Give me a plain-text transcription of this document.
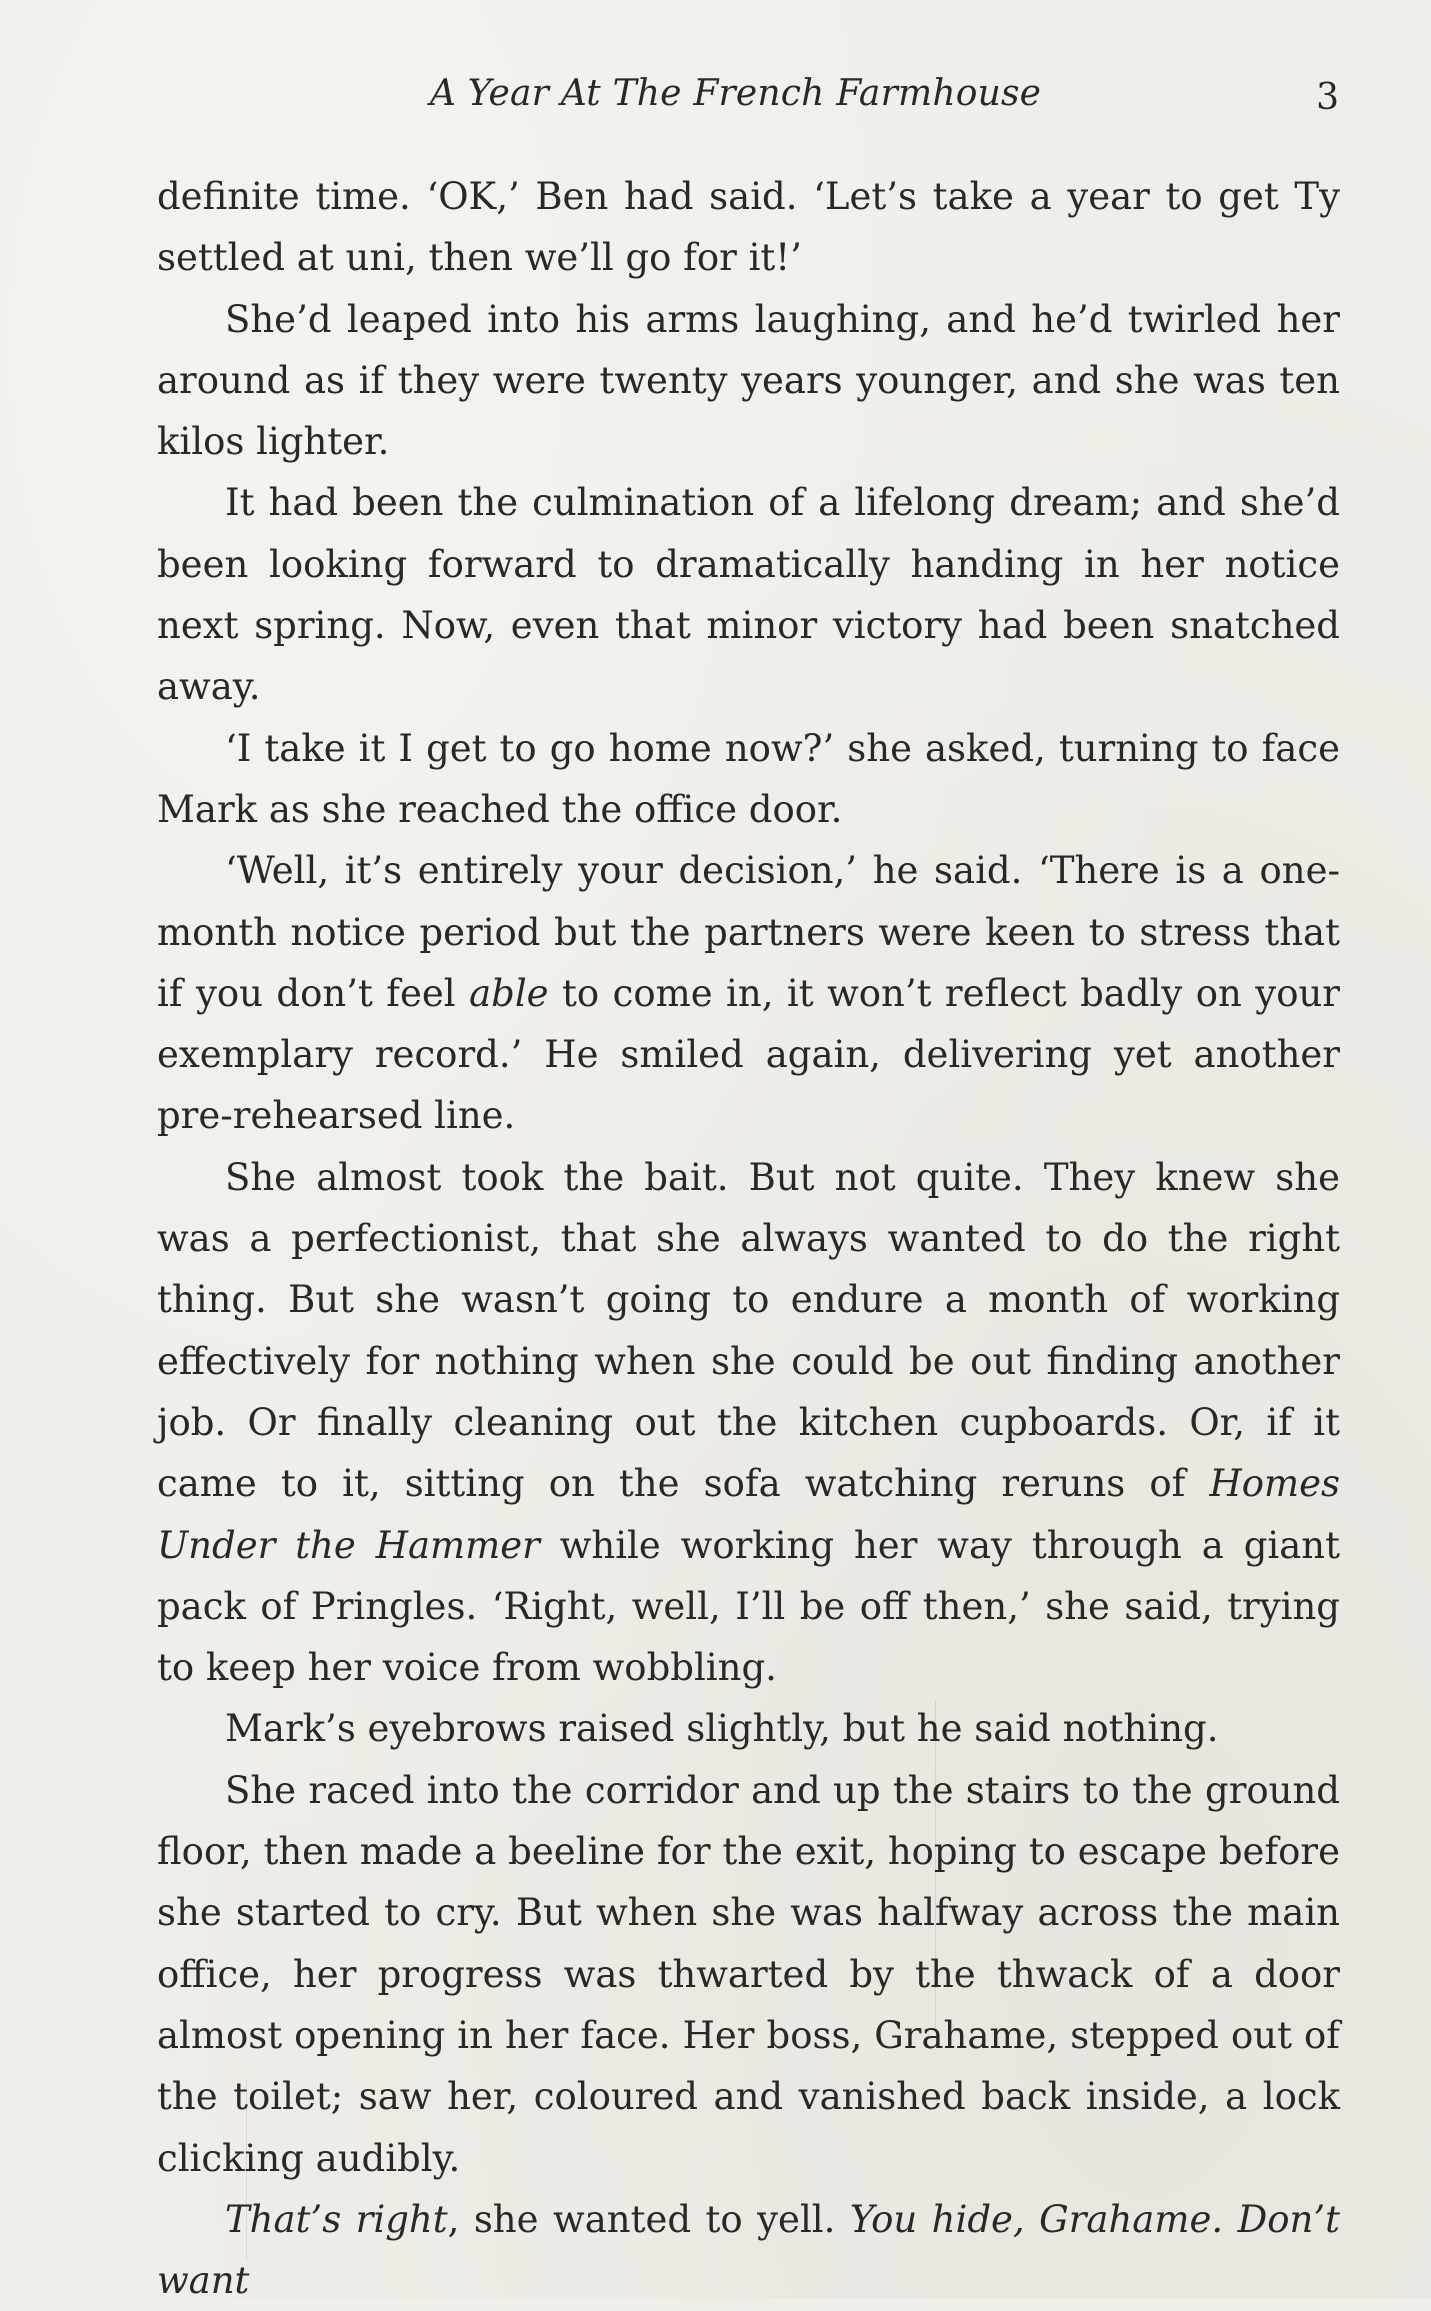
A Year At The French Farmhouse	3

definite time. ‘OK,’ Ben had said. ‘Let’s take a year to get Ty settled at uni, then we’ll go for it!’

She’d leaped into his arms laughing, and he’d twirled her around as if they were twenty years younger, and she was ten kilos lighter.

It had been the culmination of a lifelong dream; and she’d been looking forward to dramatically handing in her notice next spring. Now, even that minor victory had been snatched away.

‘I take it I get to go home now?’ she asked, turning to face Mark as she reached the office door.

‘Well, it’s entirely your decision,’ he said. ‘There is a one-month notice period but the partners were keen to stress that if you don’t feel able to come in, it won’t reflect badly on your exemplary record.’ He smiled again, delivering yet another pre-rehearsed line.

She almost took the bait. But not quite. They knew she was a perfectionist, that she always wanted to do the right thing. But she wasn’t going to endure a month of working effectively for nothing when she could be out finding another job. Or finally cleaning out the kitchen cupboards. Or, if it came to it, sitting on the sofa watching reruns of Homes Under the Hammer while working her way through a giant pack of Pringles. ‘Right, well, I’ll be off then,’ she said, trying to keep her voice from wobbling.

Mark’s eyebrows raised slightly, but he said nothing.

She raced into the corridor and up the stairs to the ground floor, then made a beeline for the exit, hoping to escape before she started to cry. But when she was halfway across the main office, her progress was thwarted by the thwack of a door almost opening in her face. Her boss, Grahame, stepped out of the toilet; saw her, coloured and vanished back inside, a lock clicking audibly.

That’s right, she wanted to yell. You hide, Grahame. Don’t want
